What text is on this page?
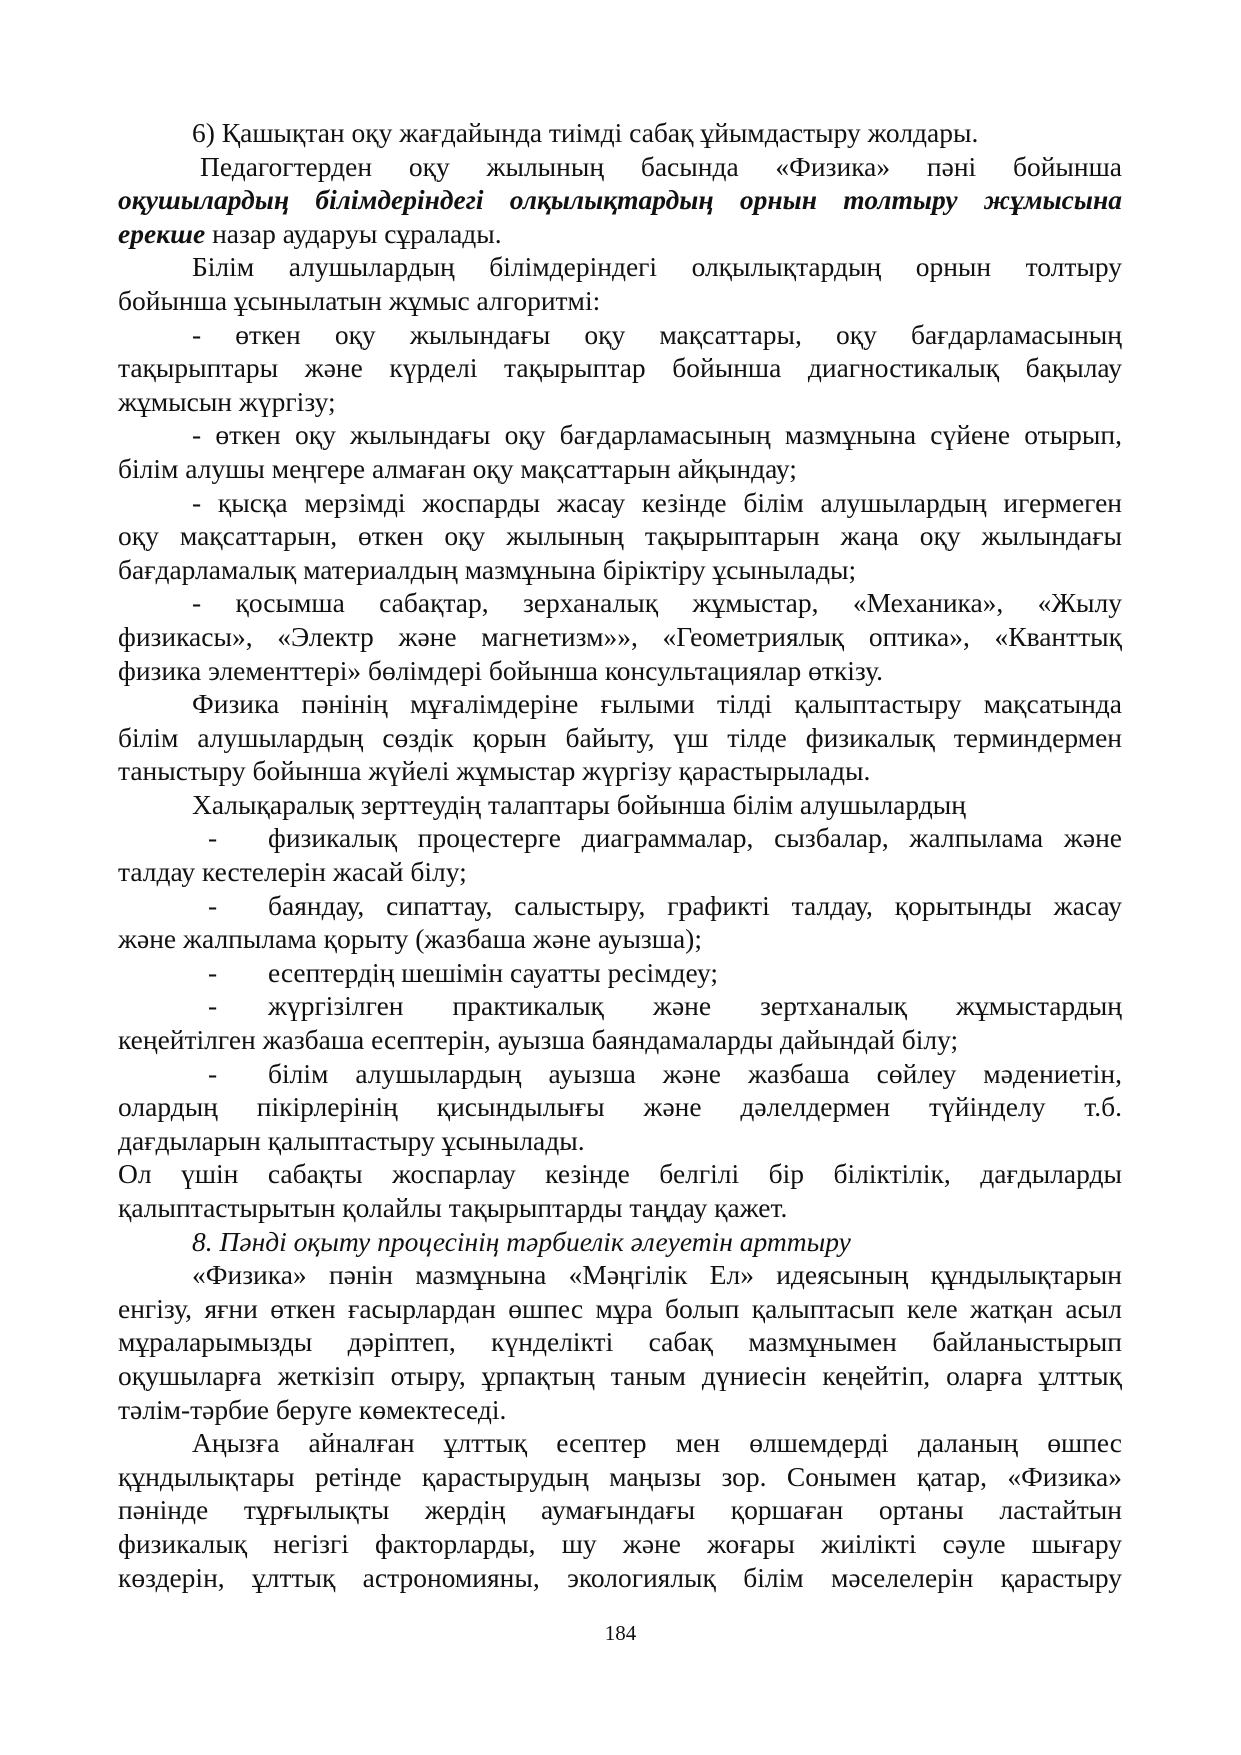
6) Қашықтан оқу жағдайында тиімді сабақ ұйымдастыру жолдары.
Педагогтерден оқу жылының басында «Физика» пәні бойынша
оқушылардың білімдеріндегі олқылықтардың орнын толтыру жұмысына
ерекше назар аударуы сұралады.
Білім алушылардың білімдеріндегі олқылықтардың орнын толтыру
бойынша ұсынылатын жұмыс алгоритмі:
- өткен оқу жылындағы оқу мақсаттары, оқу бағдарламасының
тақырыптары және күрделі тақырыптар бойынша диагностикалық бақылау
жұмысын жүргізу;
- өткен оқу жылындағы оқу бағдарламасының мазмұнына сүйене отырып,
білім алушы меңгере алмаған оқу мақсаттарын айқындау;
- қысқа мерзімді жоспарды жасау кезінде білім алушылардың игермеген
оқу мақсаттарын, өткен оқу жылының тақырыптарын жаңа оқу жылындағы
бағдарламалық материалдың мазмұнына біріктіру ұсынылады;
- қосымша сабақтар, зерханалық жұмыстар, «Механика», «Жылу
физикасы», «Электр және магнетизм»», «Геометриялық оптика», «Кванттық
физика элементтері» бөлімдері бойынша консультациялар өткізу.
Физика пәнінің мұғалімдеріне ғылыми тілді қалыптастыру мақсатында
білім алушылардың сөздік қорын байыту, үш тілде физикалық терминдермен
таныстыру бойынша жүйелі жұмыстар жүргізу қарастырылады.
Халықаралық зерттеудің талаптары бойынша білім алушылардың
- физикалық процестерге диаграммалар, сызбалар, жалпылама және
талдау кестелерін жасай білу;
- баяндау, сипаттау, салыстыру, графикті талдау, қорытынды жасау
және жалпылама қорыту (жазбаша және ауызша);
- есептердің шешімін сауатты ресімдеу;
- жүргізілген практикалық және зертханалық жұмыстардың
кеңейтілген жазбаша есептерін, ауызша баяндамаларды дайындай білу;
- білім алушылардың ауызша және жазбаша сөйлеу мәдениетін,
олардың пікірлерінің қисындылығы және дәлелдермен түйінделу т.б.
дағдыларын қалыптастыру ұсынылады.
Ол үшін сабақты жоспарлау кезінде белгілі бір біліктілік, дағдыларды
қалыптастырытын қолайлы тақырыптарды таңдау қажет.
8. Пәнді оқыту процесінің тәрбиелік әлеуетін арттыру
«Физика» пәнін мазмұнына «Мәңгілік Ел» идеясының құндылықтарын
енгізу, яғни өткен ғасырлардан өшпес мұра болып қалыптасып келе жатқан асыл
мұраларымызды дәріптеп, күнделікті сабақ мазмұнымен байланыстырып
оқушыларға жеткізіп отыру, ұрпақтың таным дүниесін кеңейтіп, оларға ұлттық
тәлім-тәрбие беруге көмектеседі.
Аңызға айналған ұлттық есептер мен өлшемдерді даланың өшпес
құндылықтары ретінде қарастырудың маңызы зор. Сонымен қатар, «Физика»
пәнінде тұрғылықты жердің аумағындағы қоршаған ортаны ластайтын
физикалық негізгі факторларды, шу және жоғары жиілікті сәуле шығару
көздерін, ұлттық астрономияны, экологиялық білім мәселелерін қарастыру
184
